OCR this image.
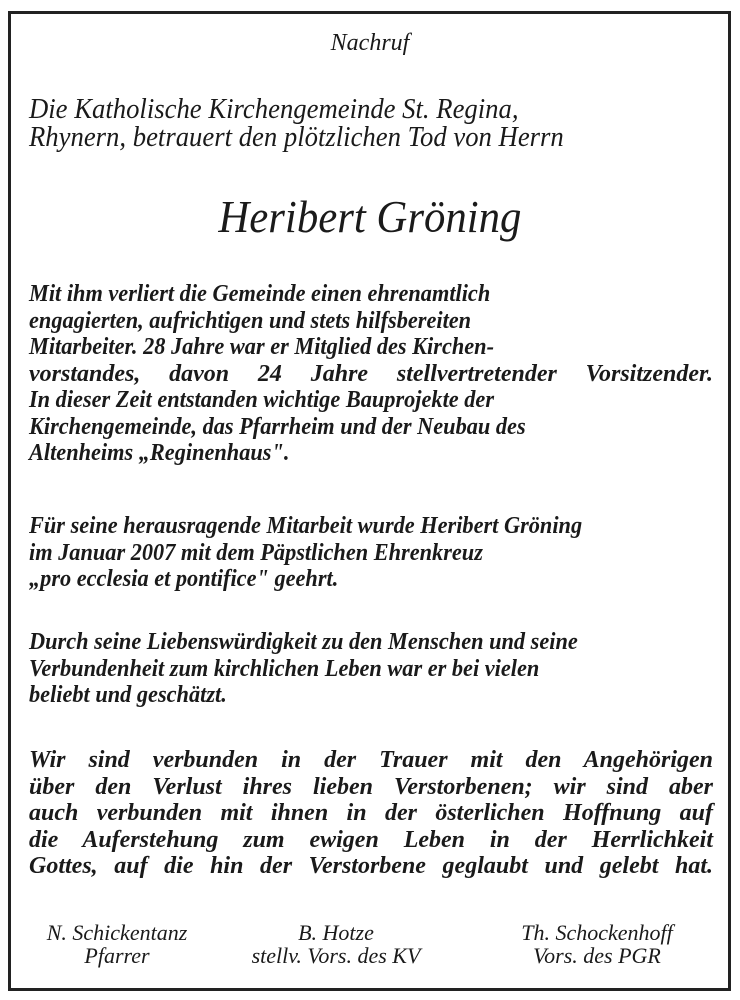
Nachruf
Die Katholische Kirchengemeinde St. Regina,
Rhynern, betrauert den plötzlichen Tod von Herrn
Heribert Gröning
Mit ihm verliert die Gemeinde einen ehrenamtlich
engagierten, aufrichtigen und stets hilfsbereiten
Mitarbeiter. 28 Jahre war er Mitglied des Kirchen-
vorstandes, davon 24 Jahre stellvertretender Vorsitzender.
In dieser Zeit entstanden wichtige Bauprojekte der
Kirchengemeinde, das Pfarrheim und der Neubau des
Altenheims „Reginenhaus".
Für seine herausragende Mitarbeit wurde Heribert Gröning
im Januar 2007 mit dem Päpstlichen Ehrenkreuz
„pro ecclesia et pontifice" geehrt.
Durch seine Liebenswürdigkeit zu den Menschen und seine
Verbundenheit zum kirchlichen Leben war er bei vielen
beliebt und geschätzt.
Wir sind verbunden in der Trauer mit den Angehörigen
über den Verlust ihres lieben Verstorbenen; wir sind aber
auch verbunden mit ihnen in der österlichen Hoffnung auf
die Auferstehung zum ewigen Leben in der Herrlichkeit
Gottes, auf die hin der Verstorbene geglaubt und gelebt hat.
N. Schickentanz
Pfarrer
B. Hotze
stellv. Vors. des KV
Th. Schockenhoff
Vors. des PGR
